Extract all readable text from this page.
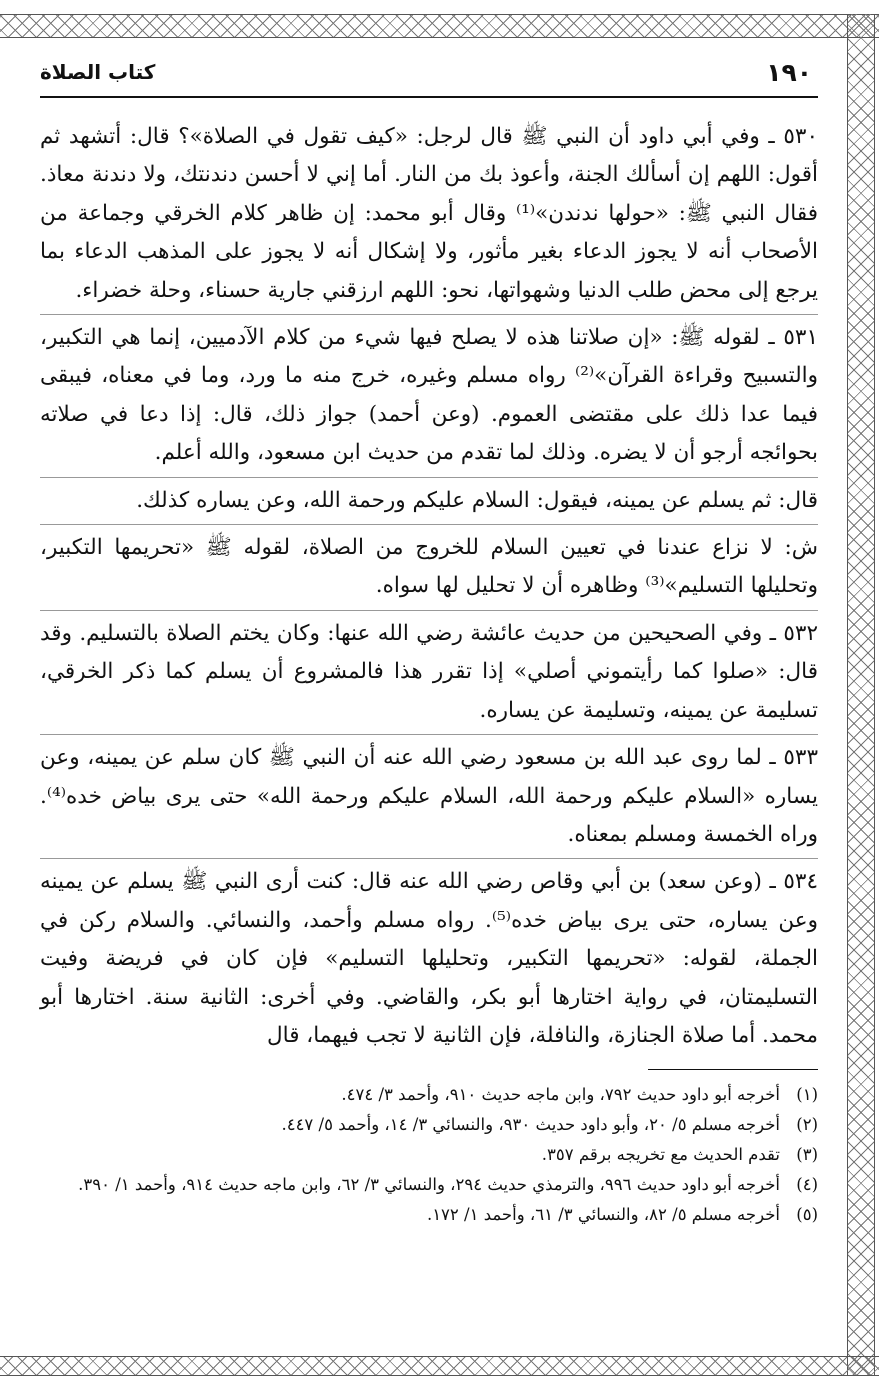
١٩٠
كتاب الصلاة

٥٣٠ ـ وفي أبي داود أن النبي ﷺ قال لرجل: «كيف تقول في الصلاة»؟ قال: أتشهد ثم أقول: اللهم إن أسألك الجنة، وأعوذ بك من النار. أما إني لا أحسن دندنتك، ولا دندنة معاذ. فقال النبي ﷺ: «حولها ندندن»⁽¹⁾ وقال أبو محمد: إن ظاهر كلام الخرقي وجماعة من الأصحاب أنه لا يجوز الدعاء بغير مأثور، ولا إشكال أنه لا يجوز على المذهب الدعاء بما يرجع إلى محض طلب الدنيا وشهواتها، نحو: اللهم ارزقني جارية حسناء، وحلة خضراء.

٥٣١ ـ لقوله ﷺ: «إن صلاتنا هذه لا يصلح فيها شيء من كلام الآدميين، إنما هي التكبير، والتسبيح وقراءة القرآن»⁽²⁾ رواه مسلم وغيره، خرج منه ما ورد، وما في معناه، فيبقى فيما عدا ذلك على مقتضى العموم. (وعن أحمد) جواز ذلك، قال: إذا دعا في صلاته بحوائجه أرجو أن لا يضره. وذلك لما تقدم من حديث ابن مسعود، والله أعلم.

قال: ثم يسلم عن يمينه، فيقول: السلام عليكم ورحمة الله، وعن يساره كذلك.

ش: لا نزاع عندنا في تعيين السلام للخروج من الصلاة، لقوله ﷺ «تحريمها التكبير، وتحليلها التسليم»⁽³⁾ وظاهره أن لا تحليل لها سواه.

٥٣٢ ـ وفي الصحيحين من حديث عائشة رضي الله عنها: وكان يختم الصلاة بالتسليم. وقد قال: «صلوا كما رأيتموني أصلي» إذا تقرر هذا فالمشروع أن يسلم كما ذكر الخرقي، تسليمة عن يمينه، وتسليمة عن يساره.

٥٣٣ ـ لما روى عبد الله بن مسعود رضي الله عنه أن النبي ﷺ كان سلم عن يمينه، وعن يساره «السلام عليكم ورحمة الله، السلام عليكم ورحمة الله» حتى يرى بياض خده⁽⁴⁾. وراه الخمسة ومسلم بمعناه.

٥٣٤ ـ (وعن سعد) بن أبي وقاص رضي الله عنه قال: كنت أرى النبي ﷺ يسلم عن يمينه وعن يساره، حتى يرى بياض خده⁽⁵⁾. رواه مسلم وأحمد، والنسائي. والسلام ركن في الجملة، لقوله: «تحريمها التكبير، وتحليلها التسليم» فإن كان في فريضة وفيت التسليمتان، في رواية اختارها أبو بكر، والقاضي. وفي أخرى: الثانية سنة. اختارها أبو محمد. أما صلاة الجنازة، والنافلة، فإن الثانية لا تجب فيهما، قال

(١)
أخرجه أبو داود حديث ٧٩٢، وابن ماجه حديث ٩١٠، وأحمد ٣/ ٤٧٤.
(٢)
أخرجه مسلم ٥/ ٢٠، وأبو داود حديث ٩٣٠، والنسائي ٣/ ١٤، وأحمد ٥/ ٤٤٧.
(٣)
تقدم الحديث مع تخريجه برقم ٣٥٧.
(٤)
أخرجه أبو داود حديث ٩٩٦، والترمذي حديث ٢٩٤، والنسائي ٣/ ٦٢، وابن ماجه حديث ٩١٤، وأحمد ١/ ٣٩٠.
(٥)
أخرجه مسلم ٥/ ٨٢، والنسائي ٣/ ٦١، وأحمد ١/ ١٧٢.
